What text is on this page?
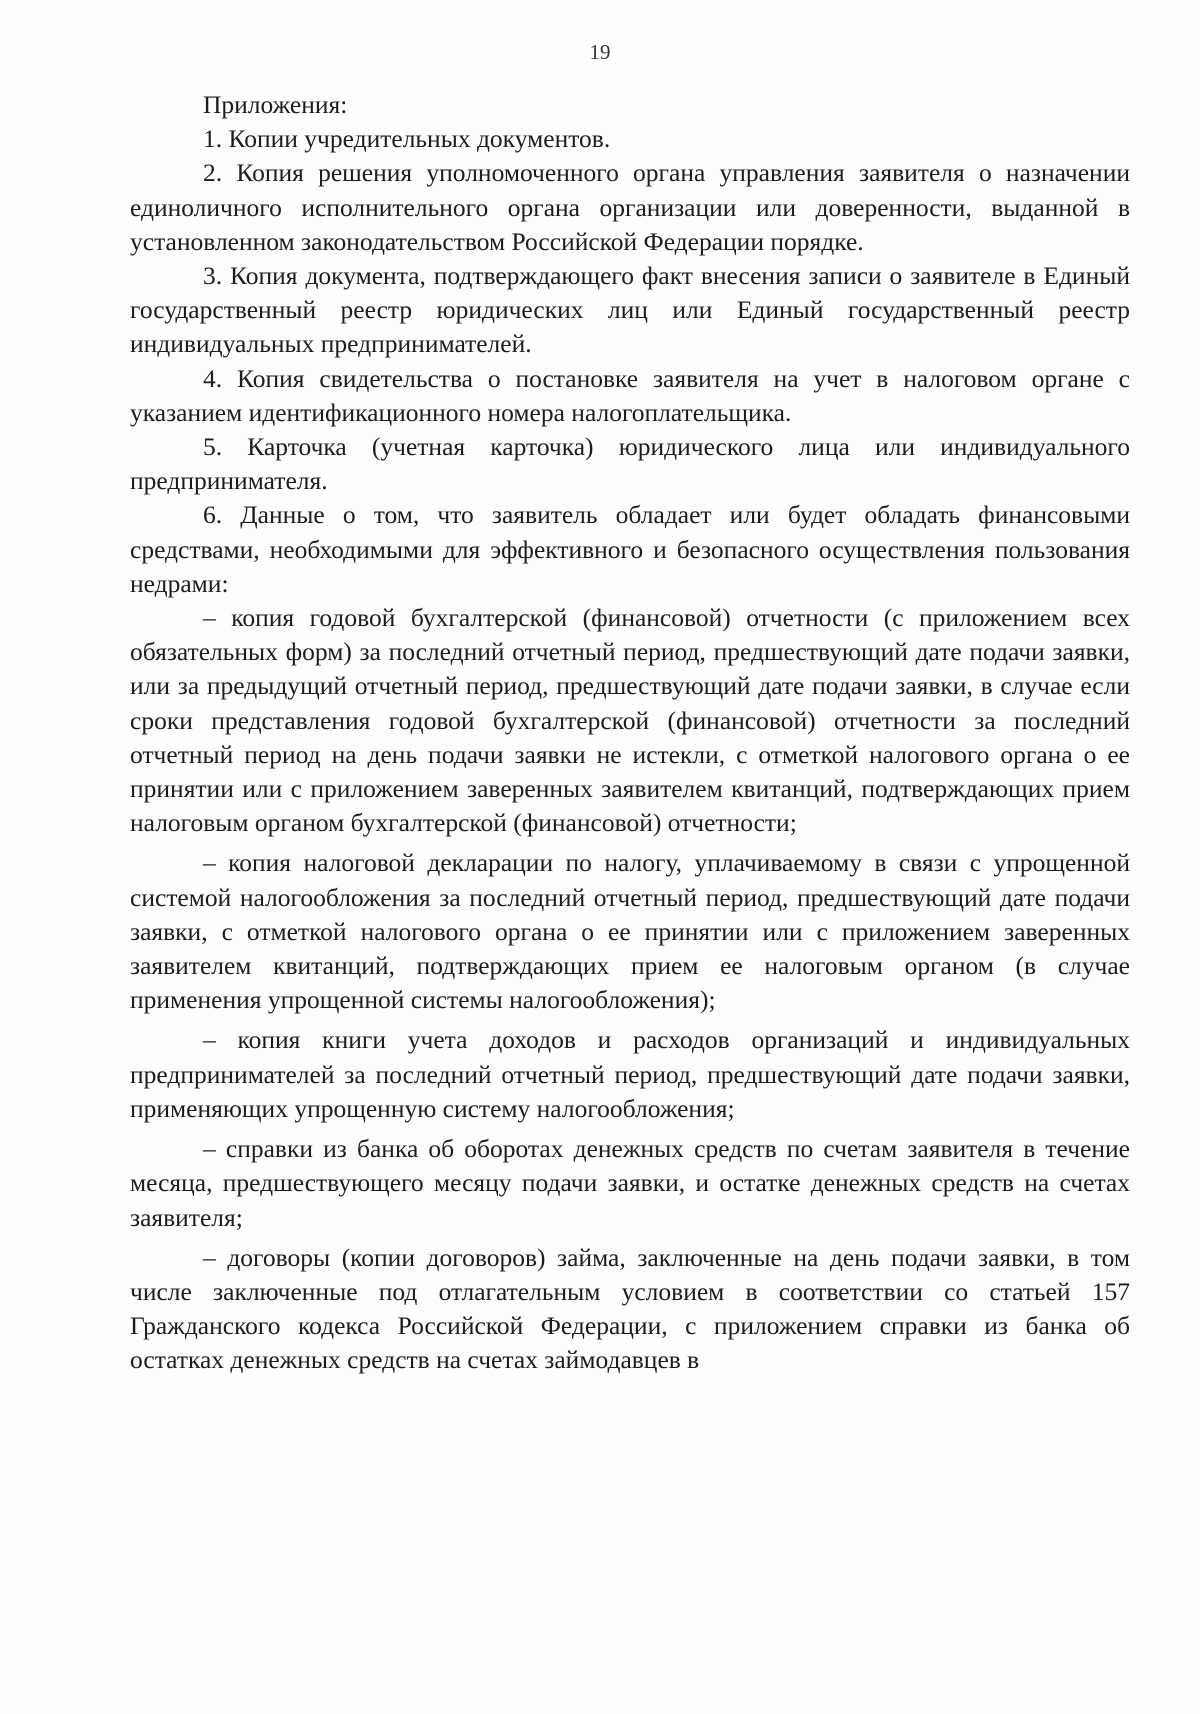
19

Приложения:

1. Копии учредительных документов.

2. Копия решения уполномоченного органа управления заявителя о назначении единоличного исполнительного органа организации или доверенности, выданной в установленном законодательством Российской Федерации порядке.

3. Копия документа, подтверждающего факт внесения записи о заявителе в Единый государственный реестр юридических лиц или Единый государственный реестр индивидуальных предпринимателей.

4. Копия свидетельства о постановке заявителя на учет в налоговом органе с указанием идентификационного номера налогоплательщика.

5. Карточка (учетная карточка) юридического лица или индивидуального предпринимателя.

6. Данные о том, что заявитель обладает или будет обладать финансовыми средствами, необходимыми для эффективного и безопасного осуществления пользования недрами:

– копия годовой бухгалтерской (финансовой) отчетности (с приложением всех обязательных форм) за последний отчетный период, предшествующий дате подачи заявки, или за предыдущий отчетный период, предшествующий дате подачи заявки, в случае если сроки представления годовой бухгалтерской (финансовой) отчетности за последний отчетный период на день подачи заявки не истекли, с отметкой налогового органа о ее принятии или с приложением заверенных заявителем квитанций, подтверждающих прием налоговым органом бухгалтерской (финансовой) отчетности;

– копия налоговой декларации по налогу, уплачиваемому в связи с упрощенной системой налогообложения за последний отчетный период, предшествующий дате подачи заявки, с отметкой налогового органа о ее принятии или с приложением заверенных заявителем квитанций, подтверждающих прием ее налоговым органом (в случае применения упрощенной системы налогообложения);

– копия книги учета доходов и расходов организаций и индивидуальных предпринимателей за последний отчетный период, предшествующий дате подачи заявки, применяющих упрощенную систему налогообложения;

– справки из банка об оборотах денежных средств по счетам заявителя в течение месяца, предшествующего месяцу подачи заявки, и остатке денежных средств на счетах заявителя;

– договоры (копии договоров) займа, заключенные на день подачи заявки, в том числе заключенные под отлагательным условием в соответствии со статьей 157 Гражданского кодекса Российской Федерации, с приложением справки из банка об остатках денежных средств на счетах займодавцев в
